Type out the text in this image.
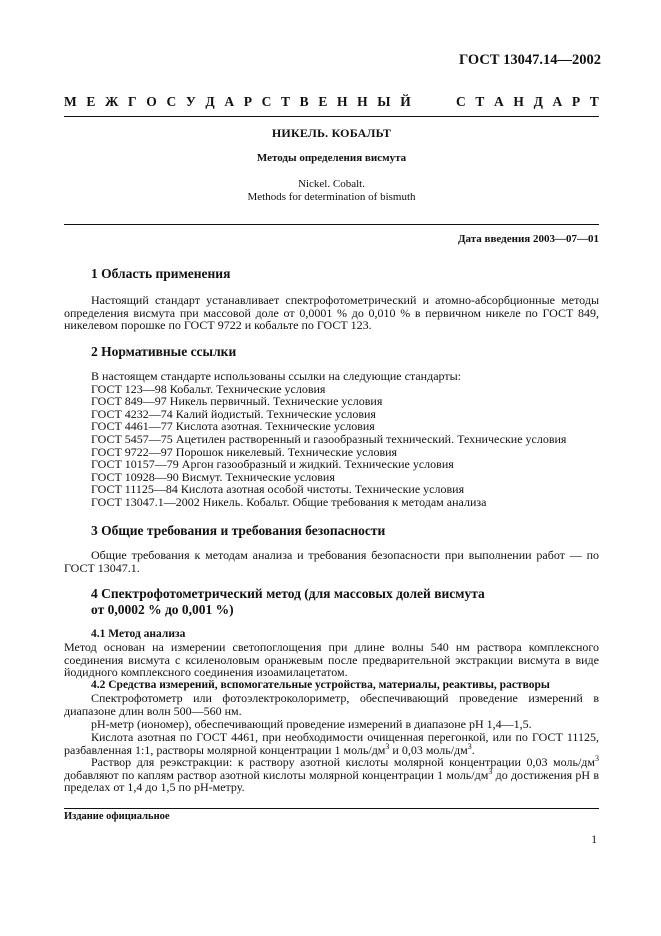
ГОСТ 13047.14—2002
М Е Ж Г О С У Д А Р С Т В Е Н Н Ы Й	С Т А Н Д А Р Т
НИКЕЛЬ. КОБАЛЬТ
Методы определения висмута
Nickel. Cobalt.
Methods for determination of bismuth
Дата введения 2003—07—01
1 Область применения

Настоящий стандарт устанавливает спектрофотометрический и атомно-абсорбционные методы определения висмута при массовой доле от 0,0001 % до 0,010 % в первичном никеле по ГОСТ 849, никелевом порошке по ГОСТ 9722 и кобальте по ГОСТ 123.

2 Нормативные ссылки
В настоящем стандарте использованы ссылки на следующие стандарты:
ГОСТ 123—98 Кобальт. Технические условия
ГОСТ 849—97 Никель первичный. Технические условия
ГОСТ 4232—74 Калий йодистый. Технические условия
ГОСТ 4461—77 Кислота азотная. Технические условия
ГОСТ 5457—75 Ацетилен растворенный и газообразный технический. Технические условия
ГОСТ 9722—97 Порошок никелевый. Технические условия
ГОСТ 10157—79 Аргон газообразный и жидкий. Технические условия
ГОСТ 10928—90 Висмут. Технические условия
ГОСТ 11125—84 Кислота азотная особой чистоты. Технические условия
ГОСТ 13047.1—2002 Никель. Кобальт. Общие требования к методам анализа
3 Общие требования и требования безопасности

Общие требования к методам анализа и требования безопасности при выполнении работ — по ГОСТ 13047.1.

4 Спектрофотометрический метод (для массовых долей висмута
от 0,0002 % до 0,001 %)
4.1 Метод анализа

Метод основан на измерении светопоглощения при длине волны 540 нм раствора комплексного соединения висмута с ксиленоловым оранжевым после предварительной экстракции висмута в виде йодидного комплексного соединения изоамилацетатом.

4.2 Средства измерений, вспомогательные устройства, материалы, реактивы, растворы

Спектрофотометр или фотоэлектроколориметр, обеспечивающий проведение измерений в диапазоне длин волн 500—560 нм.

рН-метр (иономер), обеспечивающий проведение измерений в диапазоне рН 1,4—1,5.

Кислота азотная по ГОСТ 4461, при необходимости очищенная перегонкой, или по ГОСТ 11125, разбавленная 1:1, растворы молярной концентрации 1 моль/$дм^3$ и 0,03 моль/$дм^3$.

Раствор для реэкстракции: к раствору азотной кислоты молярной концентрации 0,03 моль/$дм^3$ добавляют по каплям раствор азотной кислоты молярной концентрации 1 моль/$дм^3$ до достижения рН в пределах от 1,4 до 1,5 по рН-метру.

Издание официальное
1
